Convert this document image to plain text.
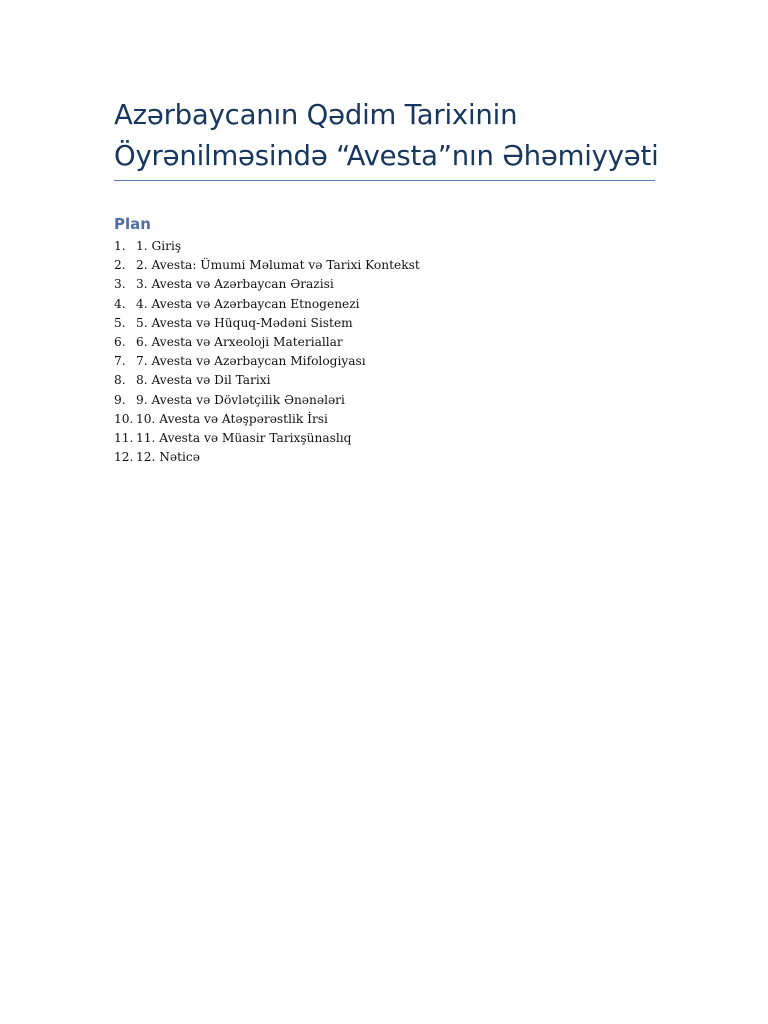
Azərbaycanın Qədim Tarixinin
Öyrənilməsində “Avesta”nın Əhəmiyyəti
Plan
1. 1. Giriş
2. 2. Avesta: Ümumi Məlumat və Tarixi Kontekst
3. 3. Avesta və Azərbaycan Ərazisi
4. 4. Avesta və Azərbaycan Etnogenezi
5. 5. Avesta və Hüquq-Mədəni Sistem
6. 6. Avesta və Arxeoloji Materiallar
7. 7. Avesta və Azərbaycan Mifologiyası
8. 8. Avesta və Dil Tarixi
9. 9. Avesta və Dövlətçilik Ənənələri
10. 10. Avesta və Atəşpərəstlik İrsi
11. 11. Avesta və Müasir Tarixşünaslıq
12. 12. Nəticə
